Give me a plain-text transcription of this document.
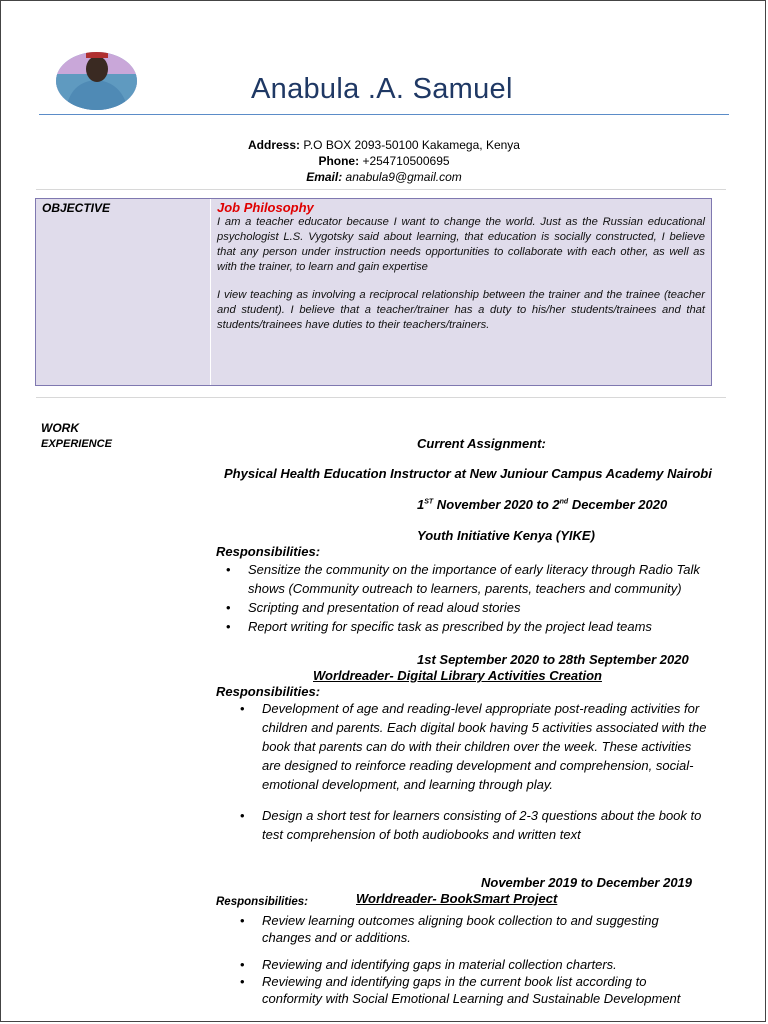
Anabula .A. Samuel
Address: P.O BOX 2093-50100 Kakamega, Kenya
Phone: +254710500695
Email: anabula9@gmail.com
OBJECTIVE	Job Philosophy
I am a teacher educator because I want to change the world. Just as the Russian educational psychologist L.S. Vygotsky said about learning, that education is socially constructed, I believe that any person under instruction needs opportunities to collaborate with each other, as well as with the trainer, to learn and gain expertise
I view teaching as involving a reciprocal relationship between the trainer and the trainee (teacher and student). I believe that a teacher/trainer has a duty to his/her students/trainees and that students/trainees have duties to their teachers/trainers.
WORK
EXPERIENCE	Current Assignment:
Physical Health Education Instructor at New Juniour Campus Academy Nairobi
1ST November 2020 to 2nd December 2020
Youth Initiative Kenya (YIKE)
Responsibilities:
• Sensitize the community on the importance of early literacy through Radio Talk shows (Community outreach to learners, parents, teachers and community)
• Scripting and presentation of read aloud stories
• Report writing for specific task as prescribed by the project lead teams
1st September 2020 to 28th September 2020
Worldreader- Digital Library Activities Creation
Responsibilities:
• Development of age and reading-level appropriate post-reading activities for children and parents. Each digital book having 5 activities associated with the book that parents can do with their children over the week. These activities are designed to reinforce reading development and comprehension, social-emotional development, and learning through play.
• Design a short test for learners consisting of 2-3 questions about the book to test comprehension of both audiobooks and written text
November 2019 to December 2019
Responsibilities:	Worldreader- BookSmart Project
• Review learning outcomes aligning book collection to and suggesting changes and or additions.
• Reviewing and identifying gaps in material collection charters.
• Reviewing and identifying gaps in the current book list according to conformity with Social Emotional Learning and Sustainable Development
